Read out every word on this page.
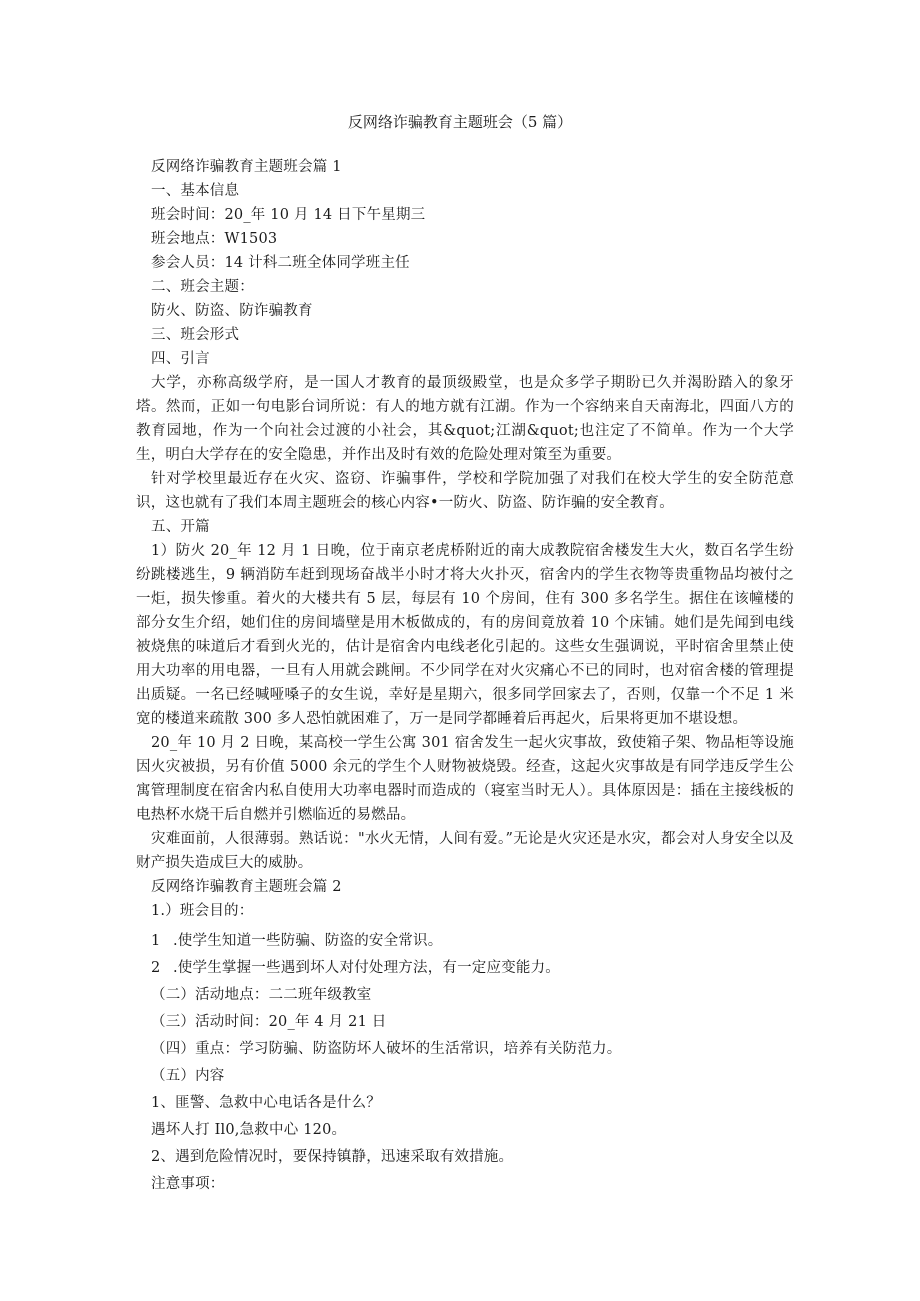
反网络诈骗教育主题班会（5 篇）

反网络诈骗教育主题班会篇 1

一、基本信息

班会时间：20_年 10 月 14 日下午星期三

班会地点：W1503

参会人员：14 计科二班全体同学班主任

二、班会主题：

防火、防盗、防诈骗教育

三、班会形式

四、引言

大学，亦称高级学府，是一国人才教育的最顶级殿堂，也是众多学子期盼已久并渴盼踏入的象牙塔。然而，正如一句电影台词所说：有人的地方就有江湖。作为一个容纳来自天南海北，四面八方的教育园地，作为一个向社会过渡的小社会，其&quot;江湖&quot;也注定了不简单。作为一个大学生，明白大学存在的安全隐患，并作出及时有效的危险处理对策至为重要。

针对学校里最近存在火灾、盗窃、诈骗事件，学校和学院加强了对我们在校大学生的安全防范意识，这也就有了我们本周主题班会的核心内容•一防火、防盗、防诈骗的安全教育。

五、开篇

1）防火 20_年 12 月 1 日晚，位于南京老虎桥附近的南大成教院宿舍楼发生大火，数百名学生纷纷跳楼逃生，9 辆消防车赶到现场奋战半小时才将大火扑灭，宿舍内的学生衣物等贵重物品均被付之一炬，损失惨重。着火的大楼共有 5 层，每层有 10 个房间，住有 300 多名学生。据住在该幢楼的部分女生介绍，她们住的房间墙壁是用木板做成的，有的房间竟放着 10 个床铺。她们是先闻到电线被烧焦的味道后才看到火光的，估计是宿舍内电线老化引起的。这些女生强调说，平时宿舍里禁止使用大功率的用电器，一旦有人用就会跳闸。不少同学在对火灾痛心不已的同时，也对宿舍楼的管理提出质疑。一名已经喊哑嗓子的女生说，幸好是星期六，很多同学回家去了，否则，仅靠一个不足 1 米宽的楼道来疏散 300 多人恐怕就困难了，万一是同学都睡着后再起火，后果将更加不堪设想。

20_年 10 月 2 日晚，某高校一学生公寓 301 宿舍发生一起火灾事故，致使箱子架、物品柜等设施因火灾被损，另有价值 5000 余元的学生个人财物被烧毁。经查，这起火灾事故是有同学违反学生公寓管理制度在宿舍内私自使用大功率电器时而造成的（寝室当时无人）。具体原因是：插在主接线板的电热杯水烧干后自燃并引燃临近的易燃品。

灾难面前，人很薄弱。熟话说："水火无情，人间有爱。”无论是火灾还是水灾，都会对人身安全以及财产损失造成巨大的威胁。

反网络诈骗教育主题班会篇 2

1.）班会目的：

1 .使学生知道一些防骗、防盗的安全常识。

2 .使学生掌握一些遇到坏人对付处理方法，有一定应变能力。

（二）活动地点：二二班年级教室

（三）活动时间：20_年 4 月 21 日

（四）重点：学习防骗、防盗防坏人破坏的生活常识，培养有关防范力。

（五）内容

1、匪警、急救中心电话各是什么？

遇坏人打 Il0,急救中心 120。

2、遇到危险情况时，要保持镇静，迅速采取有效措施。

注意事项：
